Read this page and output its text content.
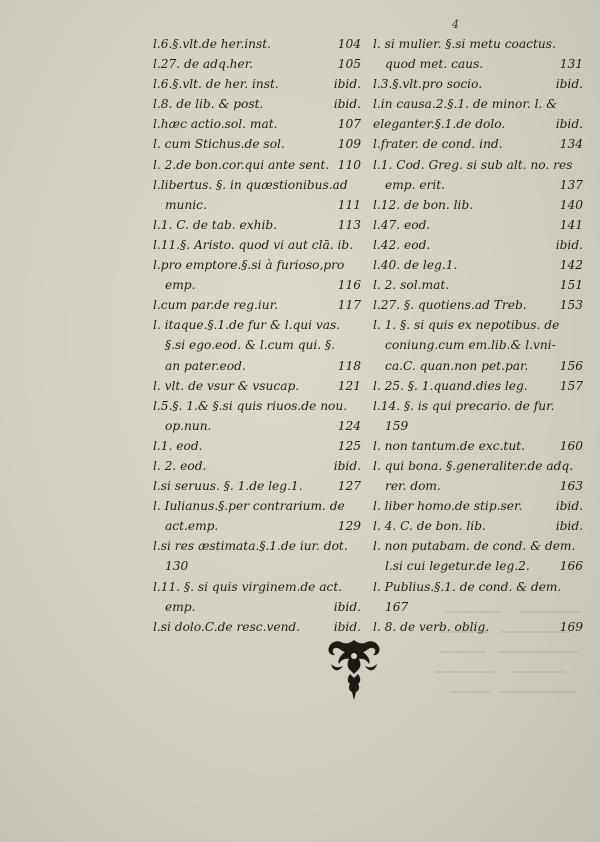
4
l.6.§.vlt.de her.inst.	104
l.27. de adq.her.	105
l.6.§.vlt. de her. inst.	ibid.
l.8. de lib. & post.	ibid.
l.hæc actio.sol. mat.	107
l. cum Stichus.de sol.	109
l. 2.de bon.cor.qui ante sent. 110
l.libertus. §. in quæstionibus.ad
munic.	111
l.1. C. de tab. exhib.	113
l.11.§. Aristo. quod vi aut clā. ib.
l.pro emptore.§.si à furioso,pro
emp.	116
l.cum par.de reg.iur.	117
l. itaque.§.1.de fur & l.qui vas.
§.si ego.eod. & l.cum qui. §.
an pater.eod.	118
l. vlt. de vsur & vsucap.	121
l.5.§. 1.& §.si quis riuos.de nou.
op.nun.	124
l.1. eod.	125
l. 2. eod.	ibid.
l.si seruus. §. 1.de leg.1.	127
l. Iulianus.§.per contrarium. de
act.emp.	129
l.si res æstimata.§.1.de iur. dot.
130
l.11. §. si quis virginem.de act.
emp.	ibid.
l.si dolo.C.de resc.vend.	ibid.
l. si mulier. §.si metu coactus.
quod met. caus.	131
l.3.§.vlt.pro socio.	ibid.
l.in causa.2.§.1. de minor. l. &
eleganter.§.1.de dolo.	ibid.
l.frater. de cond. ind.	134
l.1. Cod. Greg. si sub alt. no. res
emp. erit.	137
l.12. de bon. lib.	140
l.47. eod.	141
l.42. eod.	ibid.
l.40. de leg.1.	142
l. 2. sol.mat.	151
l.27. §. quotiens.ad Treb.	153
l. 1. §. si quis ex nepotibus. de
coniung.cum em.lib.& l.vni-
ca.C. quan.non pet.par.	156
l. 25. §. 1.quand.dies leg.	157
l.14. §. is qui precario. de fur.
159
l. non tantum.de exc.tut.	160
l. qui bona. §.generaliter.de adq.
rer. dom.	163
l. liber homo.de stip.ser.	ibid.
l. 4. C. de bon. lib.	ibid.
l. non putabam. de cond. & dem.
l.si cui legetur.de leg.2. 166
l. Publius.§.1. de cond. & dem.
167
l. 8. de verb. oblig.	169
